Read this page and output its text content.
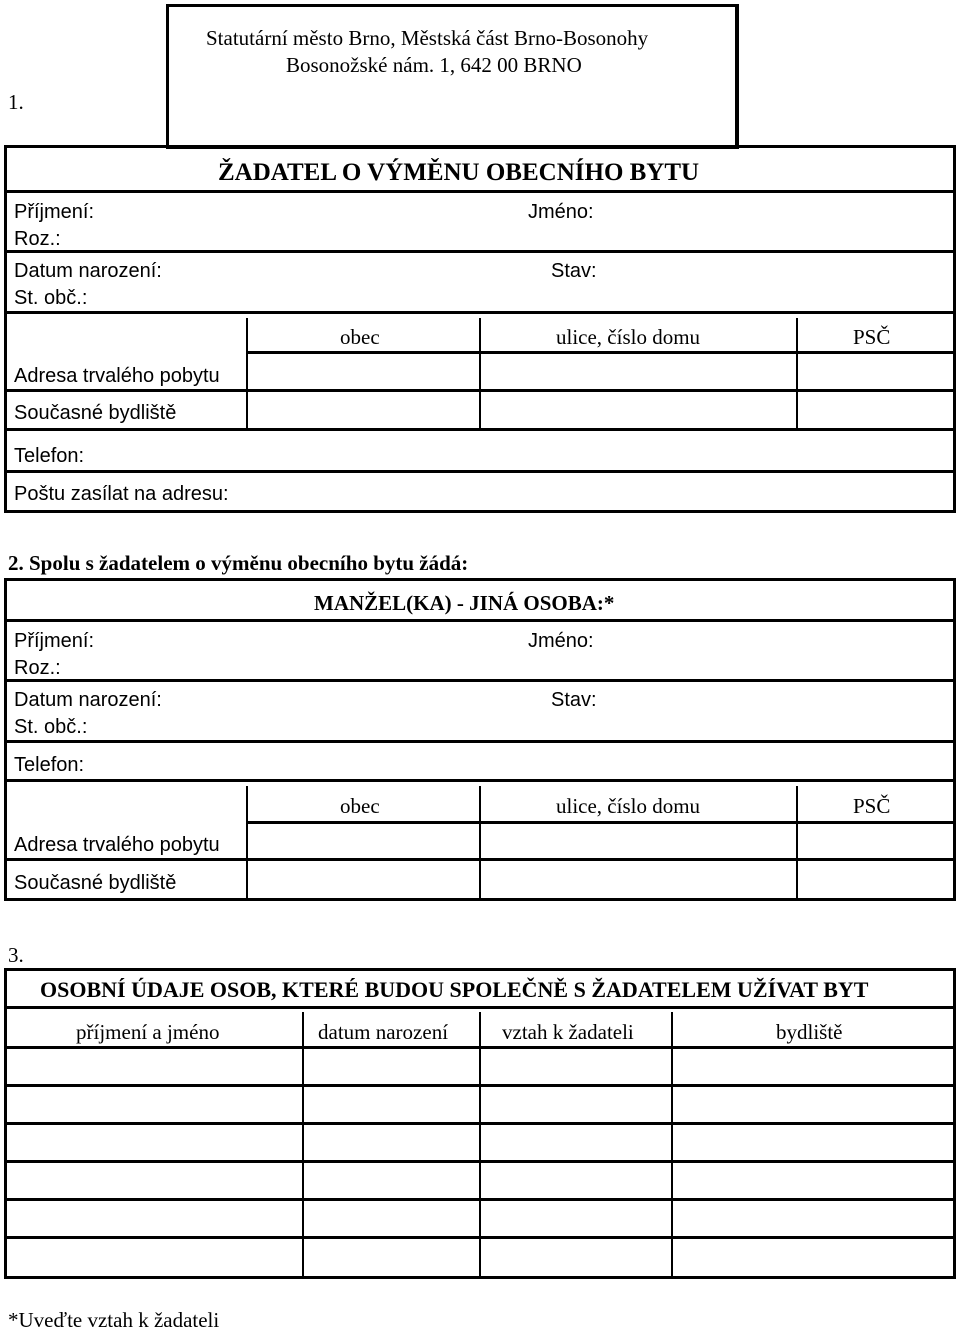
1.
Statutární město Brno, Městská část Brno-Bosonohy
Bosonožské nám. 1, 642 00 BRNO
ŽADATEL O VÝMĚNU OBECNÍHO BYTU
Příjmení:
Roz.:
Jméno:
Datum narození:
St. obč.:
Stav:
obec	ulice, číslo domu	PSČ
Adresa trvalého pobytu
Současné bydliště
Telefon:
Poštu zasílat na adresu:
2. Spolu s žadatelem o výměnu obecního bytu žádá:
MANŽEL(KA) - JINÁ OSOBA:*
Příjmení:
Roz.:
Jméno:
Datum narození:
St. obč.:
Stav:
Telefon:
obec	ulice, číslo domu	PSČ
Adresa trvalého pobytu
Současné bydliště
3.
OSOBNÍ ÚDAJE OSOB, KTERÉ BUDOU SPOLEČNĚ S ŽADATELEM UŽÍVAT BYT
příjmení a jméno	datum narození	vztah k žadateli	bydliště
*Uveďte vztah k žadateli
